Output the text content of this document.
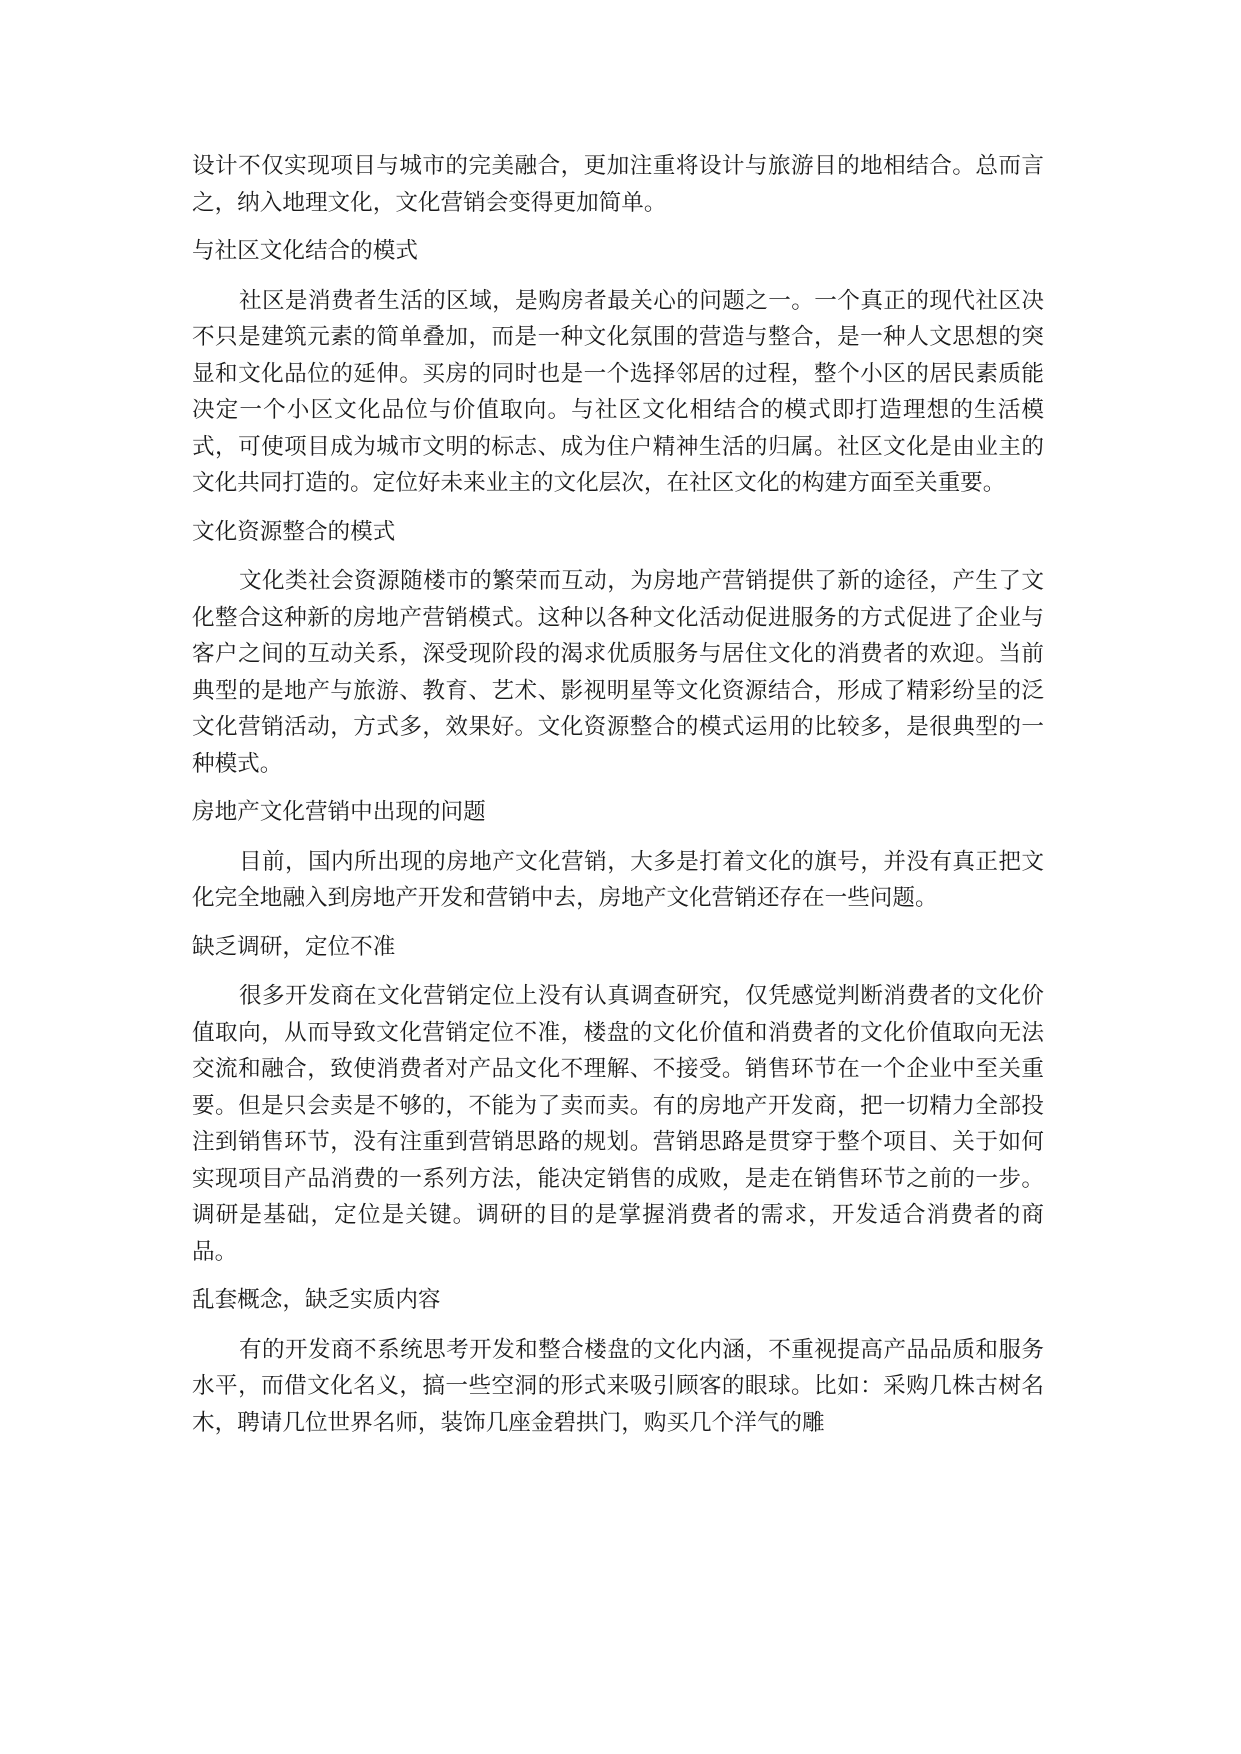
设计不仅实现项目与城市的完美融合，更加注重将设计与旅游目的地相结合。总而言之，纳入地理文化，文化营销会变得更加简单。

与社区文化结合的模式

社区是消费者生活的区域，是购房者最关心的问题之一。一个真正的现代社区决不只是建筑元素的简单叠加，而是一种文化氛围的营造与整合，是一种人文思想的突显和文化品位的延伸。买房的同时也是一个选择邻居的过程，整个小区的居民素质能决定一个小区文化品位与价值取向。与社区文化相结合的模式即打造理想的生活模式，可使项目成为城市文明的标志、成为住户精神生活的归属。社区文化是由业主的文化共同打造的。定位好未来业主的文化层次，在社区文化的构建方面至关重要。

文化资源整合的模式

文化类社会资源随楼市的繁荣而互动，为房地产营销提供了新的途径，产生了文化整合这种新的房地产营销模式。这种以各种文化活动促进服务的方式促进了企业与客户之间的互动关系，深受现阶段的渴求优质服务与居住文化的消费者的欢迎。当前典型的是地产与旅游、教育、艺术、影视明星等文化资源结合，形成了精彩纷呈的泛文化营销活动，方式多，效果好。文化资源整合的模式运用的比较多，是很典型的一种模式。

房地产文化营销中出现的问题

目前，国内所出现的房地产文化营销，大多是打着文化的旗号，并没有真正把文化完全地融入到房地产开发和营销中去，房地产文化营销还存在一些问题。

缺乏调研，定位不准

很多开发商在文化营销定位上没有认真调查研究，仅凭感觉判断消费者的文化价值取向，从而导致文化营销定位不准，楼盘的文化价值和消费者的文化价值取向无法交流和融合，致使消费者对产品文化不理解、不接受。销售环节在一个企业中至关重要。但是只会卖是不够的，不能为了卖而卖。有的房地产开发商，把一切精力全部投注到销售环节，没有注重到营销思路的规划。营销思路是贯穿于整个项目、关于如何实现项目产品消费的一系列方法，能决定销售的成败，是走在销售环节之前的一步。调研是基础，定位是关键。调研的目的是掌握消费者的需求，开发适合消费者的商品。

乱套概念，缺乏实质内容

有的开发商不系统思考开发和整合楼盘的文化内涵，不重视提高产品品质和服务水平，而借文化名义，搞一些空洞的形式来吸引顾客的眼球。比如：采购几株古树名木，聘请几位世界名师，装饰几座金碧拱门，购买几个洋气的雕
